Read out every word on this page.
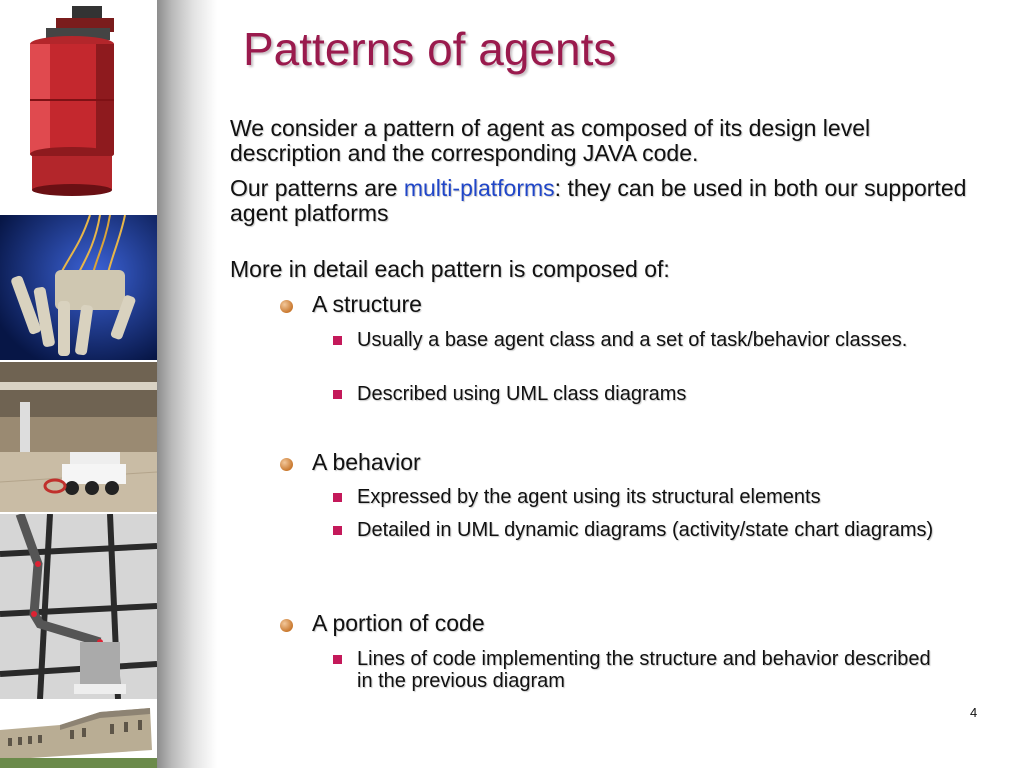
Patterns of agents

We consider a pattern of agent as composed of its design level description and the corresponding JAVA code.

Our patterns are multi-platforms: they can be used in both our supported agent platforms

More in detail each pattern is composed of:

A structure
Usually a base agent class and a set of task/behavior classes.
Described using UML class diagrams
A behavior
Expressed by the agent using its structural elements
Detailed in UML dynamic diagrams (activity/state chart diagrams)
A portion of code
Lines of code implementing the structure and behavior described in the previous diagram
4
